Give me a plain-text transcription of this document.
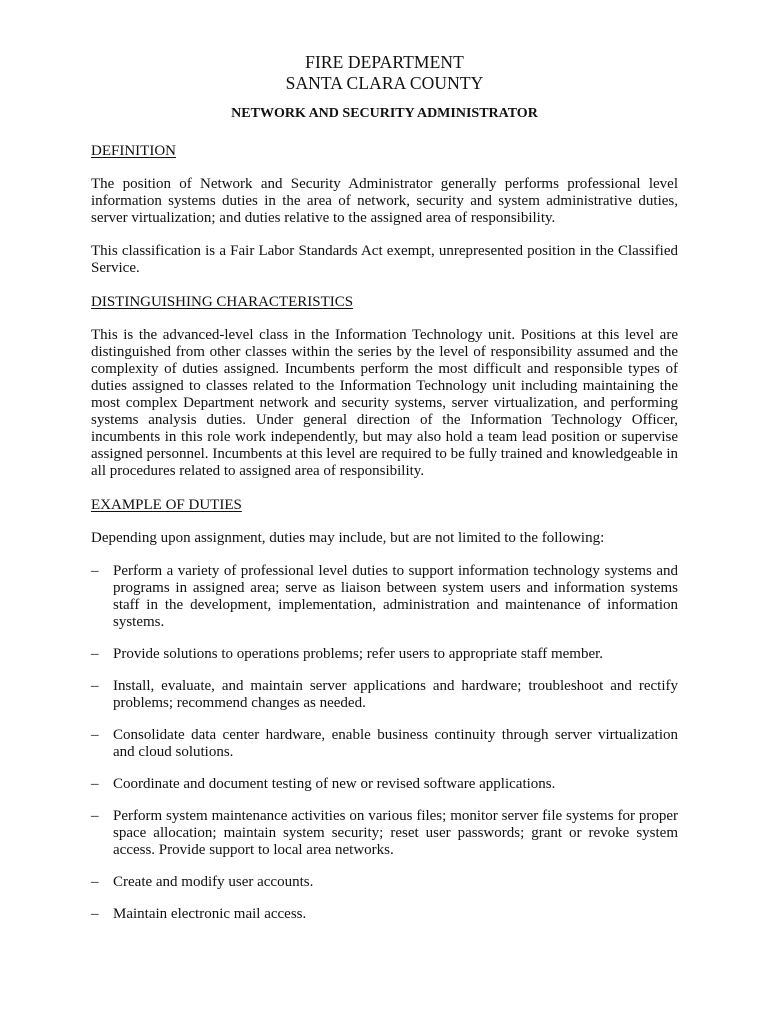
FIRE DEPARTMENT
SANTA CLARA COUNTY
NETWORK AND SECURITY ADMINISTRATOR
DEFINITION

The position of Network and Security Administrator generally performs professional level information systems duties in the area of network, security and system administrative duties, server virtualization; and duties relative to the assigned area of responsibility.

This classification is a Fair Labor Standards Act exempt, unrepresented position in the Classified Service.

DISTINGUISHING CHARACTERISTICS

This is the advanced-level class in the Information Technology unit. Positions at this level are distinguished from other classes within the series by the level of responsibility assumed and the complexity of duties assigned. Incumbents perform the most difficult and responsible types of duties assigned to classes related to the Information Technology unit including maintaining the most complex Department network and security systems, server virtualization, and performing systems analysis duties. Under general direction of the Information Technology Officer, incumbents in this role work independently, but may also hold a team lead position or supervise assigned personnel. Incumbents at this level are required to be fully trained and knowledgeable in all procedures related to assigned area of responsibility.

EXAMPLE OF DUTIES

Depending upon assignment, duties may include, but are not limited to the following:

– Perform a variety of professional level duties to support information technology systems and programs in assigned area; serve as liaison between system users and information systems staff in the development, implementation, administration and maintenance of information systems.
– Provide solutions to operations problems; refer users to appropriate staff member.
– Install, evaluate, and maintain server applications and hardware; troubleshoot and rectify problems; recommend changes as needed.
– Consolidate data center hardware, enable business continuity through server virtualization and cloud solutions.
– Coordinate and document testing of new or revised software applications.
– Perform system maintenance activities on various files; monitor server file systems for proper space allocation; maintain system security; reset user passwords; grant or revoke system access. Provide support to local area networks.
– Create and modify user accounts.
– Maintain electronic mail access.
